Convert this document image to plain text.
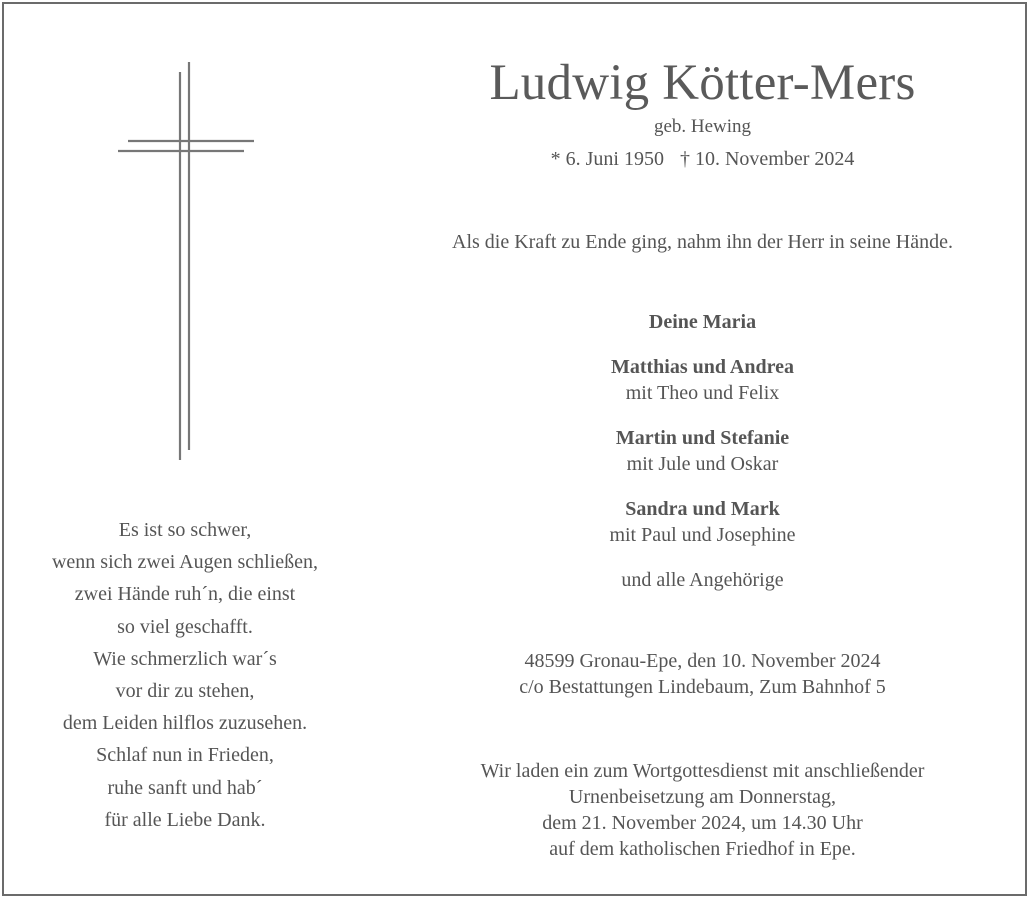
Es ist so schwer,
wenn sich zwei Augen schließen,
zwei Hände ruh´n, die einst
so viel geschafft.
Wie schmerzlich war´s
vor dir zu stehen,
dem Leiden hilflos zuzusehen.
Schlaf nun in Frieden,
ruhe sanft und hab´
für alle Liebe Dank.
Ludwig Kötter-Mers
geb. Hewing
* 6. Juni 1950 † 10. November 2024
Als die Kraft zu Ende ging, nahm ihn der Herr in seine Hände.
Deine Maria
Matthias und Andrea
mit Theo und Felix
Martin und Stefanie
mit Jule und Oskar
Sandra und Mark
mit Paul und Josephine
und alle Angehörige
48599 Gronau-Epe, den 10. November 2024
c/o Bestattungen Lindebaum, Zum Bahnhof 5
Wir laden ein zum Wortgottesdienst mit anschließender
Urnenbeisetzung am Donnerstag,
dem 21. November 2024, um 14.30 Uhr
auf dem katholischen Friedhof in Epe.
